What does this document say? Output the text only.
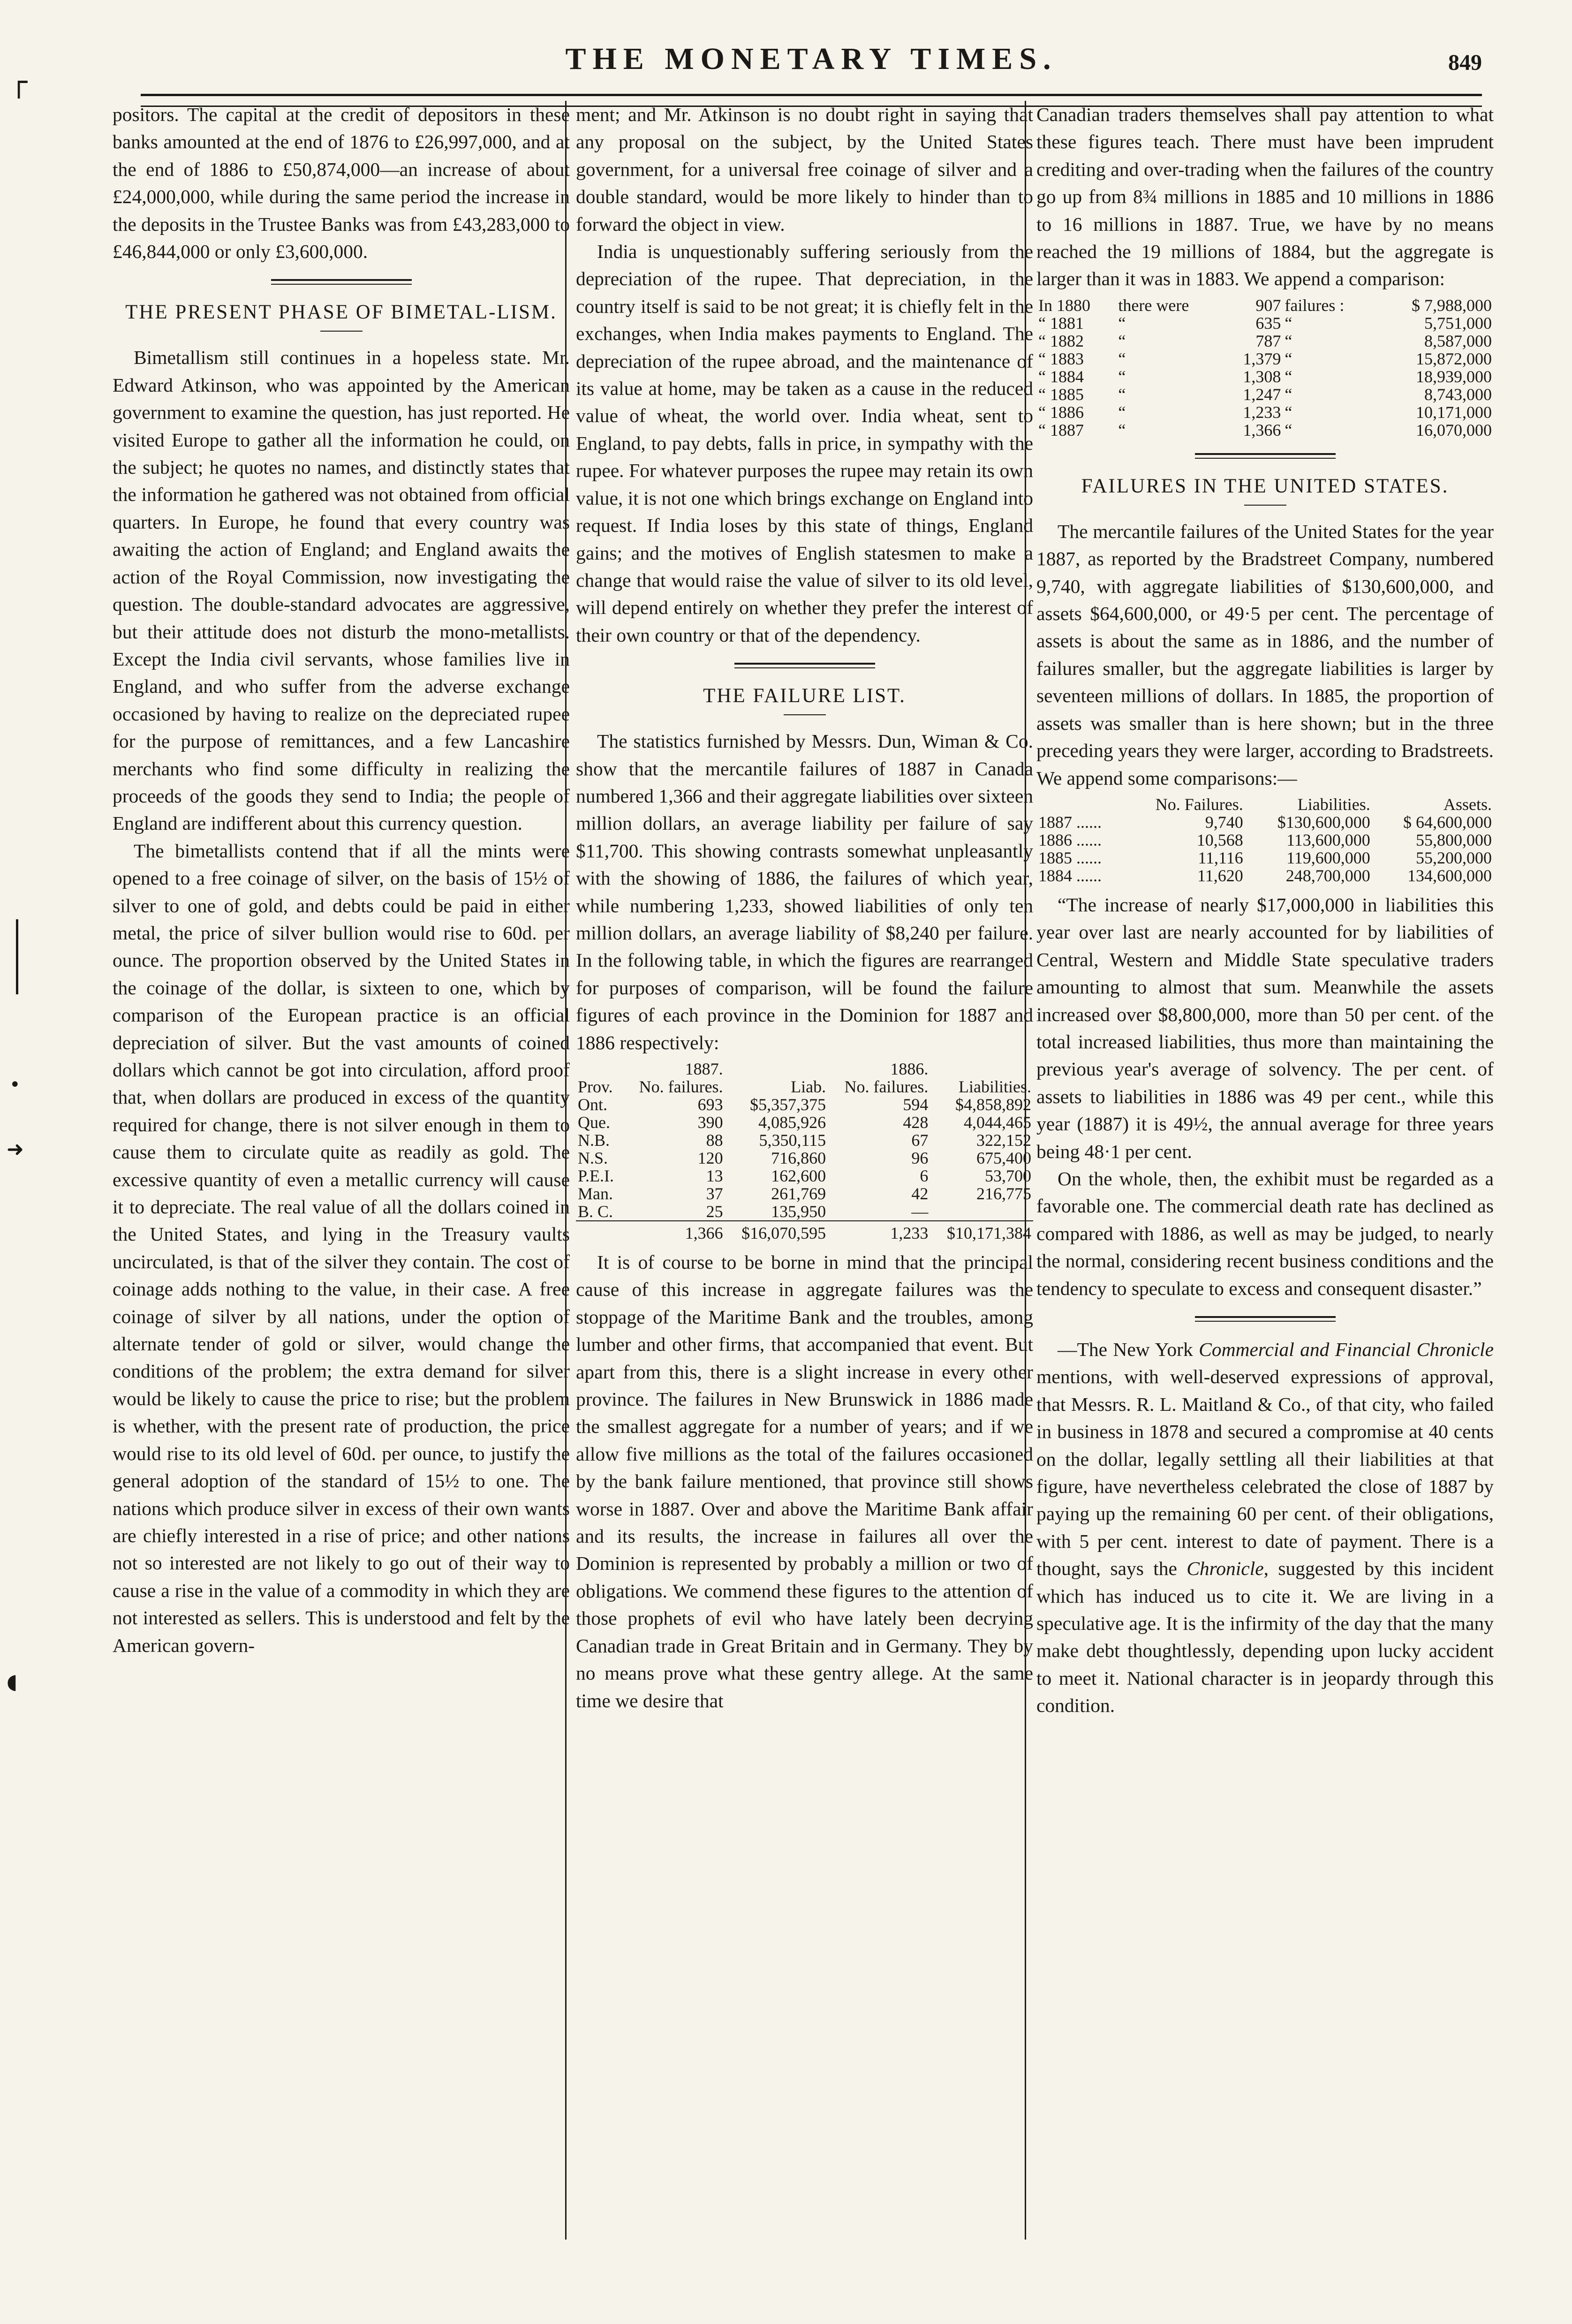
┌
•
➜
◖
THE MONETARY TIMES.	849

positors. The capital at the credit of depositors in these banks amounted at the end of 1876 to £26,997,000, and at the end of 1886 to £50,874,000—an increase of about £24,000,000, while during the same period the increase in the deposits in the Trustee Banks was from £43,283,000 to £46,844,000 or only £3,600,000.

THE PRESENT PHASE OF BIMETAL-LISM.

Bimetallism still continues in a hopeless state. Mr. Edward Atkinson, who was appointed by the American government to examine the question, has just reported. He visited Europe to gather all the information he could, on the subject; he quotes no names, and distinctly states that the information he gathered was not obtained from official quarters. In Europe, he found that every country was awaiting the action of England; and England awaits the action of the Royal Commission, now investigating the question. The double-standard advocates are aggressive, but their attitude does not disturb the mono-metallists. Except the India civil servants, whose families live in England, and who suffer from the adverse exchange occasioned by having to realize on the depreciated rupee for the purpose of remittances, and a few Lancashire merchants who find some difficulty in realizing the proceeds of the goods they send to India; the people of England are indifferent about this currency question.

The bimetallists contend that if all the mints were opened to a free coinage of silver, on the basis of 15½ of silver to one of gold, and debts could be paid in either metal, the price of silver bullion would rise to 60d. per ounce. The proportion observed by the United States in the coinage of the dollar, is sixteen to one, which by comparison of the European practice is an official depreciation of silver. But the vast amounts of coined dollars which cannot be got into circulation, afford proof that, when dollars are produced in excess of the quantity required for change, there is not silver enough in them to cause them to circulate quite as readily as gold. The excessive quantity of even a metallic currency will cause it to depreciate. The real value of all the dollars coined in the United States, and lying in the Treasury vaults uncirculated, is that of the silver they contain. The cost of coinage adds nothing to the value, in their case. A free coinage of silver by all nations, under the option of alternate tender of gold or silver, would change the conditions of the problem; the extra demand for silver would be likely to cause the price to rise; but the problem is whether, with the present rate of production, the price would rise to its old level of 60d. per ounce, to justify the general adoption of the standard of 15½ to one. The nations which produce silver in excess of their own wants are chiefly interested in a rise of price; and other nations not so interested are not likely to go out of their way to cause a rise in the value of a commodity in which they are not interested as sellers. This is understood and felt by the American govern-

ment; and Mr. Atkinson is no doubt right in saying that any proposal on the subject, by the United States government, for a universal free coinage of silver and a double standard, would be more likely to hinder than to forward the object in view.

India is unquestionably suffering seriously from the depreciation of the rupee. That depreciation, in the country itself is said to be not great; it is chiefly felt in the exchanges, when India makes payments to England. The depreciation of the rupee abroad, and the maintenance of its value at home, may be taken as a cause in the reduced value of wheat, the world over. India wheat, sent to England, to pay debts, falls in price, in sympathy with the rupee. For whatever purposes the rupee may retain its own value, it is not one which brings exchange on England into request. If India loses by this state of things, England gains; and the motives of English statesmen to make a change that would raise the value of silver to its old level, will depend entirely on whether they prefer the interest of their own country or that of the dependency.

THE FAILURE LIST.

The statistics furnished by Messrs. Dun, Wiman & Co. show that the mercantile failures of 1887 in Canada numbered 1,366 and their aggregate liabilities over sixteen million dollars, an average liability per failure of say $11,700. This showing contrasts somewhat unpleasantly with the showing of 1886, the failures of which year, while numbering 1,233, showed liabilities of only ten million dollars, an average liability of $8,240 per failure. In the following table, in which the figures are rearranged for purposes of comparison, will be found the failure figures of each province in the Dominion for 1887 and 1886 respectively:

	1887.		1886.	
Prov.	No. failures.	Liab.	No. failures.	Liabilities.
Ont.	693	$5,357,375	594	$4,858,892
Que.	390	4,085,926	428	4,044,465
N.B.	88	5,350,115	67	322,152
N.S.	120	716,860	96	675,400
P.E.I.	13	162,600	6	53,700
Man.	37	261,769	42	216,775
B. C.	25	135,950	—	
	1,366	$16,070,595	1,233	$10,171,384

It is of course to be borne in mind that the principal cause of this increase in aggregate failures was the stoppage of the Maritime Bank and the troubles, among lumber and other firms, that accompanied that event. But apart from this, there is a slight increase in every other province. The failures in New Brunswick in 1886 made the smallest aggregate for a number of years; and if we allow five millions as the total of the failures occasioned by the bank failure mentioned, that province still shows worse in 1887. Over and above the Maritime Bank affair and its results, the increase in failures all over the Dominion is represented by probably a million or two of obligations. We commend these figures to the attention of those prophets of evil who have lately been decrying Canadian trade in Great Britain and in Germany. They by no means prove what these gentry allege. At the same time we desire that

Canadian traders themselves shall pay attention to what these figures teach. There must have been imprudent crediting and over-trading when the failures of the country go up from 8¾ millions in 1885 and 10 millions in 1886 to 16 millions in 1887. True, we have by no means reached the 19 millions of 1884, but the aggregate is larger than it was in 1883. We append a comparison:

In 1880	there were	907	failures :	$ 7,988,000
“ 1881	“	635	“	5,751,000
“ 1882	“	787	“	8,587,000
“ 1883	“	1,379	“	15,872,000
“ 1884	“	1,308	“	18,939,000
“ 1885	“	1,247	“	8,743,000
“ 1886	“	1,233	“	10,171,000
“ 1887	“	1,366	“	16,070,000
FAILURES IN THE UNITED STATES.

The mercantile failures of the United States for the year 1887, as reported by the Bradstreet Company, numbered 9,740, with aggregate liabilities of $130,600,000, and assets $64,600,000, or 49·5 per cent. The percentage of assets is about the same as in 1886, and the number of failures smaller, but the aggregate liabilities is larger by seventeen millions of dollars. In 1885, the proportion of assets was smaller than is here shown; but in the three preceding years they were larger, according to Bradstreets. We append some comparisons:—

	No. Failures.	Liabilities.	Assets.
1887 ......	9,740	$130,600,000	$ 64,600,000
1886 ......	10,568	113,600,000	55,800,000
1885 ......	11,116	119,600,000	55,200,000
1884 ......	11,620	248,700,000	134,600,000

“The increase of nearly $17,000,000 in liabilities this year over last are nearly accounted for by liabilities of Central, Western and Middle State speculative traders amounting to almost that sum. Meanwhile the assets increased over $8,800,000, more than 50 per cent. of the total increased liabilities, thus more than maintaining the previous year's average of solvency. The per cent. of assets to liabilities in 1886 was 49 per cent., while this year (1887) it is 49½, the annual average for three years being 48·1 per cent.

On the whole, then, the exhibit must be regarded as a favorable one. The commercial death rate has declined as compared with 1886, as well as may be judged, to nearly the normal, considering recent business conditions and the tendency to speculate to excess and consequent disaster.”

—The New York Commercial and Financial Chronicle mentions, with well-deserved expressions of approval, that Messrs. R. L. Maitland & Co., of that city, who failed in business in 1878 and secured a compromise at 40 cents on the dollar, legally settling all their liabilities at that figure, have nevertheless celebrated the close of 1887 by paying up the remaining 60 per cent. of their obligations, with 5 per cent. interest to date of payment. There is a thought, says the Chronicle, suggested by this incident which has induced us to cite it. We are living in a speculative age. It is the infirmity of the day that the many make debt thoughtlessly, depending upon lucky accident to meet it. National character is in jeopardy through this condition.
